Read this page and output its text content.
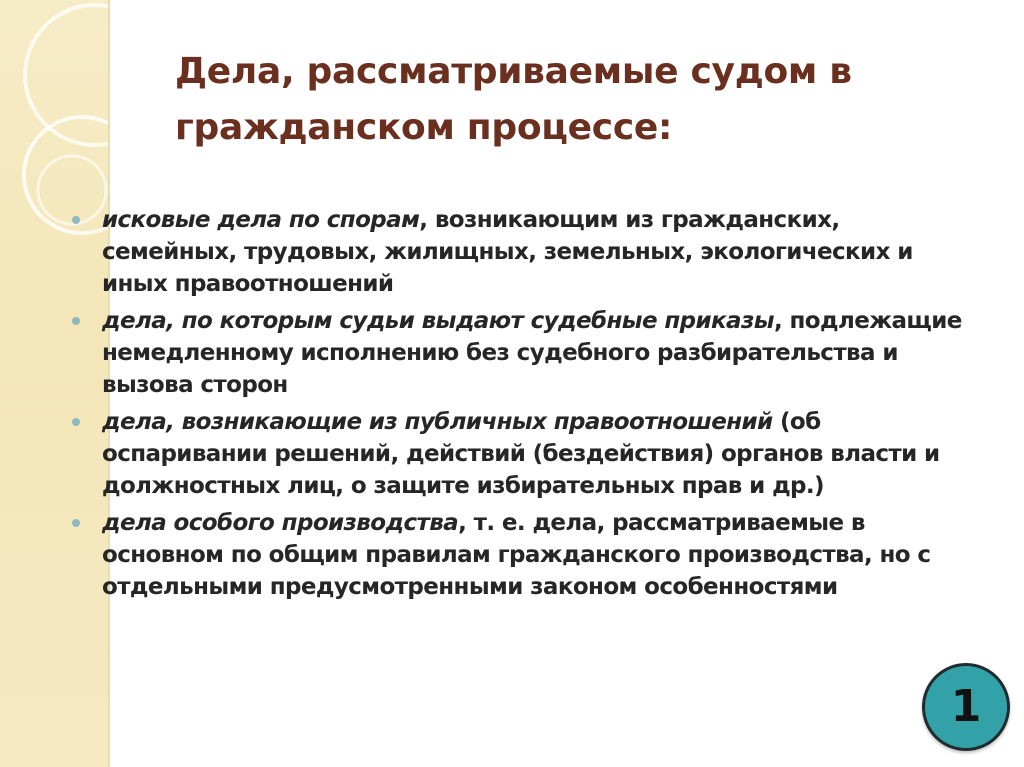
Дела, рассматриваемые судом в гражданском процессе:
исковые дела по спорам, возникающим из гражданских, семейных, трудовых, жилищных, земельных, экологических и иных правоотношений
дела, по которым судьи выдают судебные приказы, подлежащие немедленному исполнению без судебного разбирательства и вызова сторон
дела, возникающие из публичных правоотношений (об оспаривании решений, действий (бездействия) органов власти и должностных лиц, о защите избирательных прав и др.)
дела особого производства, т. е. дела, рассматриваемые в основном по общим правилам гражданского производства, но с отдельными предусмотренными законом особенностями
1
